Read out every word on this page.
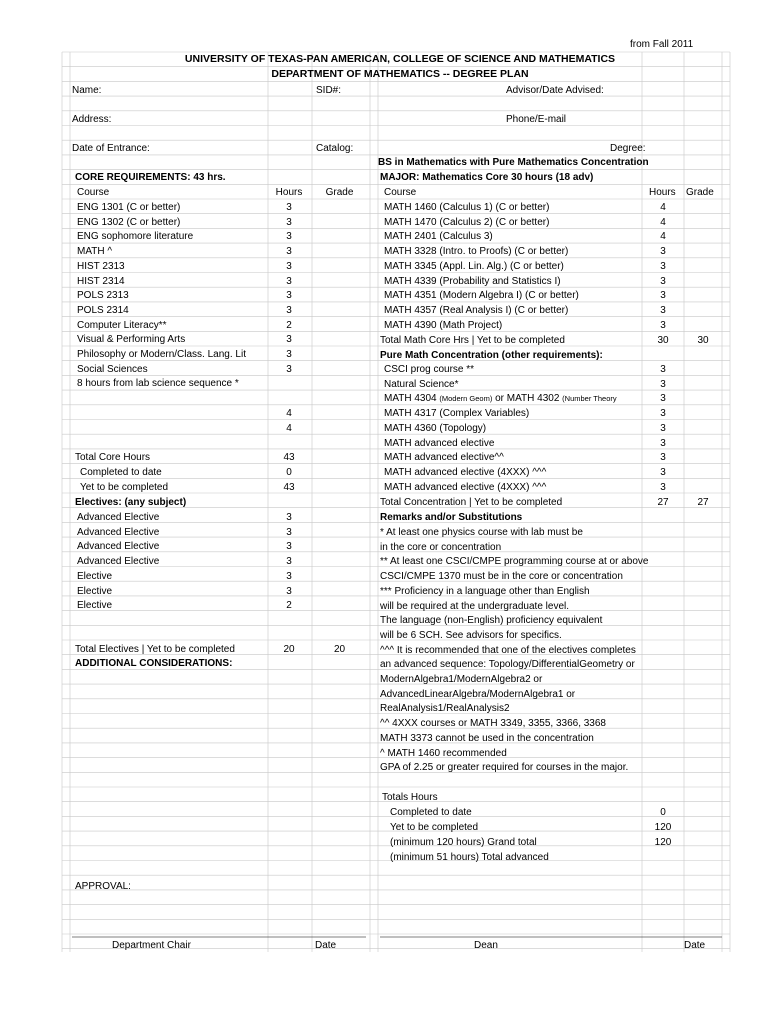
from Fall 2011
UNIVERSITY OF TEXAS-PAN AMERICAN, COLLEGE OF SCIENCE AND MATHEMATICS
DEPARTMENT OF MATHEMATICS -- DEGREE PLAN
Name:	SID#:	Advisor/Date Advised:
Address:	Phone/E-mail
Date of Entrance:	Catalog:	Degree:
BS in Mathematics with Pure Mathematics Concentration
CORE REQUIREMENTS: 43 hrs.
Course	Hours	Grade
ENG 1301 (C or better)	3
ENG 1302 (C or better)	3
ENG sophomore literature	3
MATH ^	3
HIST 2313	3
HIST 2314	3
POLS 2313	3
POLS 2314	3
Computer Literacy**	2
Visual & Performing Arts	3
Philosophy or Modern/Class. Lang. Lit	3
Social Sciences	3
8 hours from lab science sequence *
4
4
Total Core Hours	43
Completed to date	0
Yet to be completed	43
Electives: (any subject)
Advanced Elective	3
Advanced Elective	3
Advanced Elective	3
Advanced Elective	3
Elective	3
Elective	3
Elective	2
Total Electives | Yet to be completed	20	20
ADDITIONAL CONSIDERATIONS:
MAJOR: Mathematics Core 30 hours (18 adv)
Course	Hours Grade
MATH 1460 (Calculus 1) (C or better)	4
MATH 1470 (Calculus 2) (C or better)	4
MATH 2401 (Calculus 3)	4
MATH 3328 (Intro. to Proofs) (C or better)	3
MATH 3345 (Appl. Lin. Alg.) (C or better)	3
MATH 4339 (Probability and Statistics I)	3
MATH 4351 (Modern Algebra I) (C or better)	3
MATH 4357 (Real Analysis I) (C or better)	3
MATH 4390 (Math Project)	3
Total Math Core Hrs | Yet to be completed	30	30
Pure Math Concentration (other requirements):
CSCI prog course **	3
Natural Science*	3
MATH 4304 (Modern Geom) or MATH 4302 (Number Theory	3
MATH 4317 (Complex Variables)	3
MATH 4360 (Topology)	3
MATH advanced elective	3
MATH advanced elective^^	3
MATH advanced elective (4XXX) ^^^	3
MATH advanced elective (4XXX) ^^^	3
Total Concentration | Yet to be completed	27	27
Remarks and/or Substitutions
* At least one physics course with lab must be
in the core or concentration
** At least one CSCI/CMPE programming course at or above
CSCI/CMPE 1370 must be in the core or concentration
*** Proficiency in a language other than English
will be required at the undergraduate level.
The language (non-English) proficiency equivalent
will be 6 SCH. See advisors for specifics.
^^^ It is recommended that one of the electives completes
an advanced sequence: Topology/DifferentialGeometry or
ModernAlgebra1/ModernAlgebra2 or
AdvancedLinearAlgebra/ModernAlgebra1 or
RealAnalysis1/RealAnalysis2
^^ 4XXX courses or MATH 3349, 3355, 3366, 3368
MATH 3373 cannot be used in the concentration
^ MATH 1460 recommended
GPA of 2.25 or greater required for courses in the major.
Totals Hours
Completed to date	0
Yet to be completed	120
(minimum 120 hours) Grand total	120
(minimum 51 hours) Total advanced
APPROVAL:
Department Chair	Date	Dean	Date
